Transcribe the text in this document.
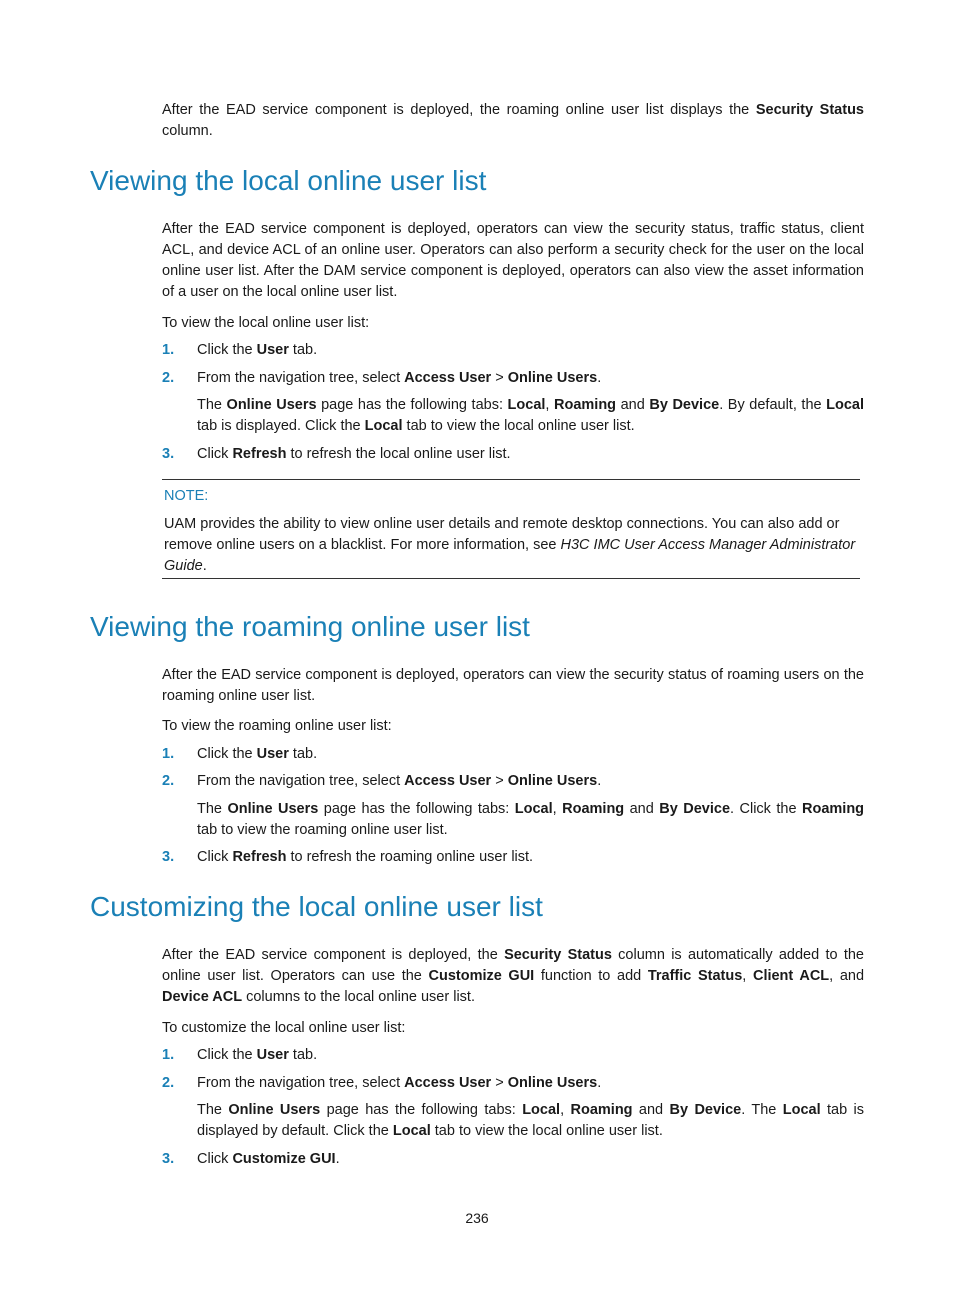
After the EAD service component is deployed, the roaming online user list displays the Security Status column.

Viewing the local online user list

After the EAD service component is deployed, operators can view the security status, traffic status, client ACL, and device ACL of an online user. Operators can also perform a security check for the user on the local online user list. After the DAM service component is deployed, operators can also view the asset information of a user on the local online user list.

To view the local online user list:

1. Click the User tab.
2. From the navigation tree, select Access User > Online Users.

The Online Users page has the following tabs: Local, Roaming and By Device. By default, the Local tab is displayed. Click the Local tab to view the local online user list.

3. Click Refresh to refresh the local online user list.
NOTE:

UAM provides the ability to view online user details and remote desktop connections. You can also add or remove online users on a blacklist. For more information, see H3C IMC User Access Manager Administrator Guide.

Viewing the roaming online user list

After the EAD service component is deployed, operators can view the security status of roaming users on the roaming online user list.

To view the roaming online user list:

1. Click the User tab.
2. From the navigation tree, select Access User > Online Users.

The Online Users page has the following tabs: Local, Roaming and By Device. Click the Roaming tab to view the roaming online user list.

3. Click Refresh to refresh the roaming online user list.
Customizing the local online user list

After the EAD service component is deployed, the Security Status column is automatically added to the online user list. Operators can use the Customize GUI function to add Traffic Status, Client ACL, and Device ACL columns to the local online user list.

To customize the local online user list:

1. Click the User tab.
2. From the navigation tree, select Access User > Online Users.

The Online Users page has the following tabs: Local, Roaming and By Device. The Local tab is displayed by default. Click the Local tab to view the local online user list.

3. Click Customize GUI.
236
